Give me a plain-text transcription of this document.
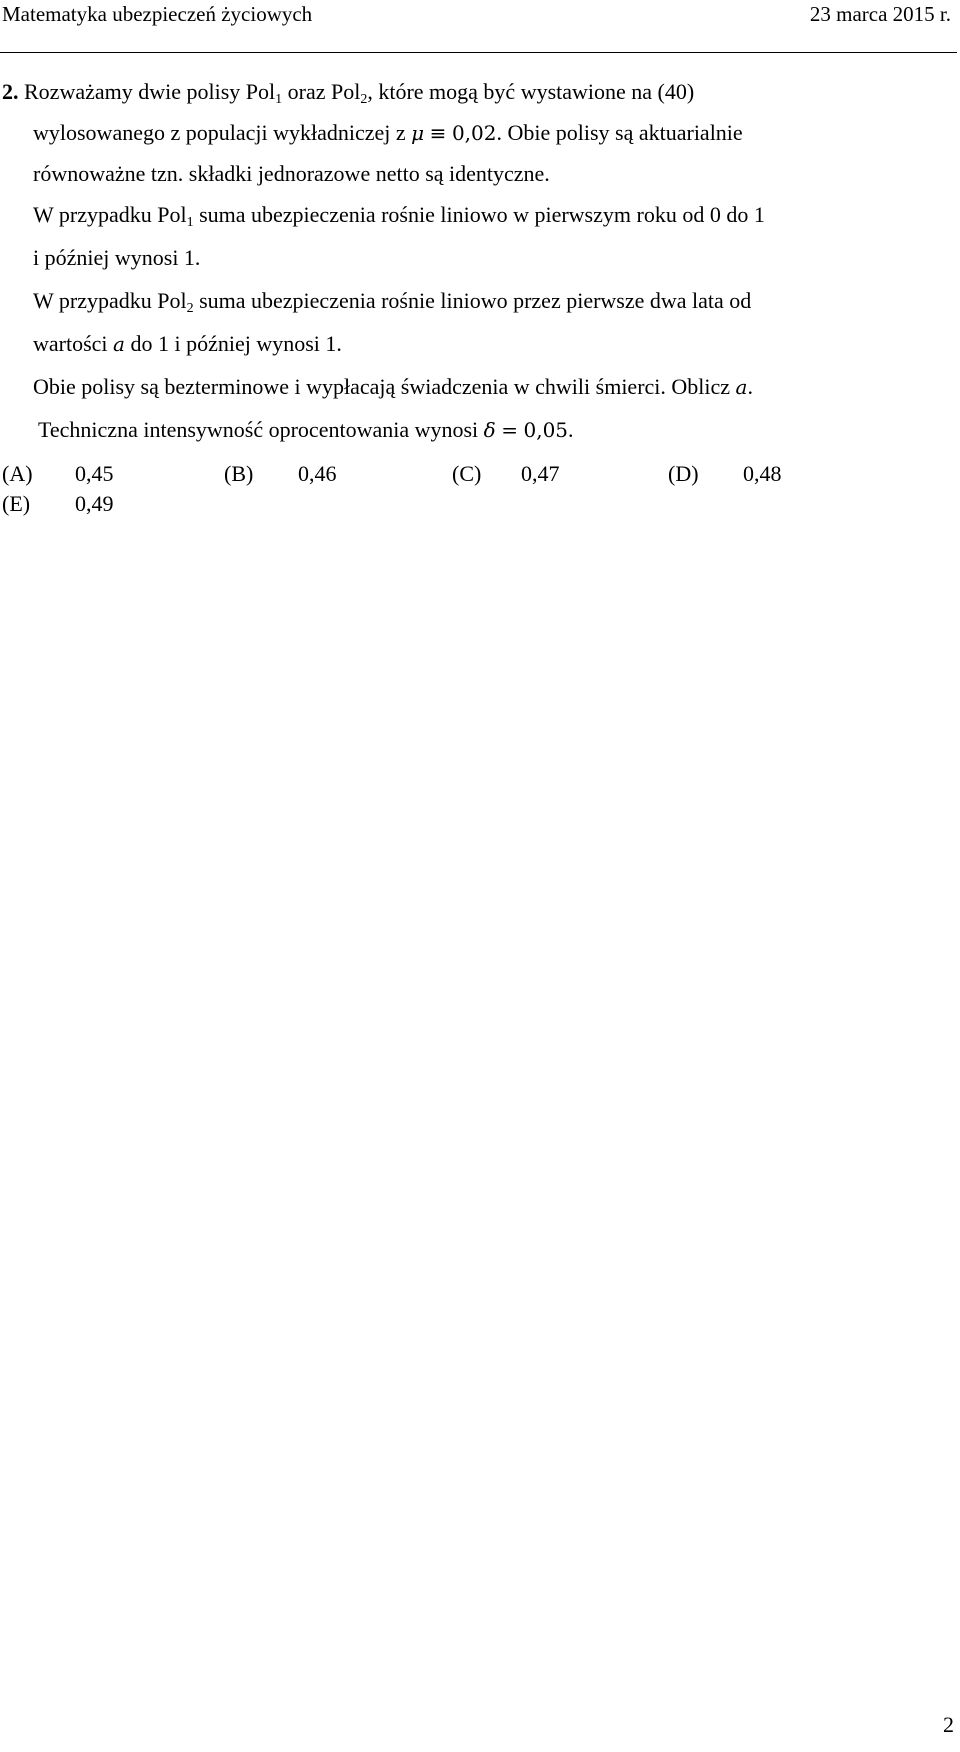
Matematyka ubezpieczeń życiowych	23 marca 2015 r.
2. Rozważamy dwie polisy Pol$_1$ oraz Pol$_2$, które mogą być wystawione na (40)
wylosowanego z populacji wykładniczej z μ ≡ 0,02. Obie polisy są aktuarialnie
równoważne tzn. składki jednorazowe netto są identyczne.
W przypadku Pol$_1$ suma ubezpieczenia rośnie liniowo w pierwszym roku od 0 do 1
i później wynosi 1.
W przypadku Pol$_2$ suma ubezpieczenia rośnie liniowo przez pierwsze dwa lata od
wartości a do 1 i później wynosi 1.
Obie polisy są bezterminowe i wypłacają świadczenia w chwili śmierci. Oblicz a.
Techniczna intensywność oprocentowania wynosi δ = 0,05.
(A) 0,45	(B) 0,46	(C) 0,47	(D) 0,48
(E) 0,49
2
